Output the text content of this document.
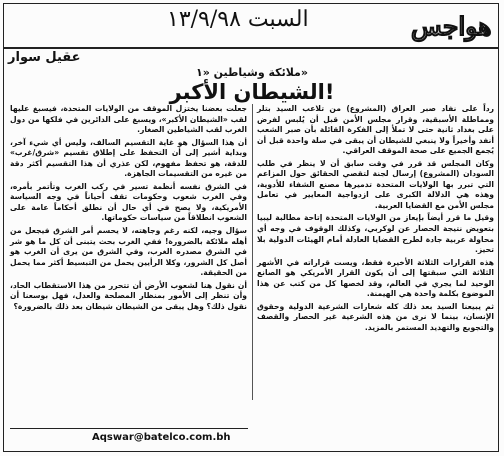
السبت ١٣/٩/٩٨	هواجس
عقيل سوار
ملائكة وشياطين «١»
الشيطان الأكبر!

رداً على نفاد صبر العراق (المشروع) من تلاعب السيد بتلر ومماطلة الأسبقية، وقرار مجلس الأمن قبل أن يُلبس لفرض على بغداد ثانية حتى لا تملأ إلى الفكرة القائلة بأن صبر الشعب أنفد وأخيراً ولا ينبغي للشيطان أن يبقى في سلة واحدة قبل أن يُجمع الجميع على صحة الموقف العراقي.

وكان المجلس قد قرر في وقت سابق أن لا ينظر في طلب السودان (المشروع) إرسال لجنة لتقصي الحقائق حول المزاعم التي تبرر بها الولايات المتحدة تدميرها مصنع الشفاء للأدوية، وهذه هي الدلالة الكبرى على ازدواجية المعايير في تعامل مجلس الأمن مع القضايا العربية.

وقيل ما قرر أيضاً بإيعاز من الولايات المتحدة إتاحة مطالبة ليبيا بتعويض نتيجة الحصار عن لوكربي، وكذلك الوقوف في وجه أي محاولة عربية جادة لطرح القضايا العادلة أمام الهيئات الدولية بلا تحيز.

هذه القرارات الثلاثة الأخيرة فقط، ويست قراراته في الأشهر الثلاثة التي سبقتها إلى أن يكون القرار الأمريكي هو الصانع الوحيد لما يجري في العالم، وقد لخصها كل من كتب عن هذا الموضوع بكلمة واحدة هي الهيمنة.

ثم يبيعنا السيد بعد ذلك كله شعارات الشرعية الدولية وحقوق الإنسان، بينما لا نرى من هذه الشرعية غير الحصار والقصف والتجويع والتهديد المستمر بالمزيد.

جعلت بعضنا يختزل الموقف من الولايات المتحدة، فيسبغ عليها لقب «الشيطان الأكبر»، ويسبغ على الدائرين في فلكها من دول الغرب لقب الشياطين الصغار.

أن هذا السؤال هو غاية التقسيم السالف، وليس أي شيء آخر، وبداية أشير إلى أن التحفظ على إطلاق تقسيم «شرق/غرب» للدقة، هو تحفظ مفهوم، لكن عذري أن هذا التقسيم أكثر دقة من غيره من التقسيمات الجاهزة.

في الشرق نفسه أنظمة تسير في ركب الغرب وتأتمر بأمره، وفي الغرب شعوب وحكومات تقف أحياناً في وجه السياسة الأمريكية، ولا يصح في أي حال أن نطلق أحكاماً عامة على الشعوب انطلاقاً من سياسات حكوماتها.

سؤال وجيه، لكنه رغم وجاهته، لا يحسم أمر الشرق فيجعل من أهله ملائكة بالضرورة! ففي الغرب بحث يتبنى أن كل ما هو شر في الشرق مصدره الغرب، وفي الشرق من يرى أن الغرب هو أصل كل الشرور، وكلا الرأيين يحمل من التبسيط أكثر مما يحمل من الحقيقة.

أن نقول هنا لشعوب الأرض أن تتحرر من هذا الاستقطاب الحاد، وأن تنظر إلى الأمور بمنظار المصلحة والعدل، فهل بوسعنا أن نقول ذلك؟ وهل يبقى من الشيطان شيطان بعد ذلك بالضرورة؟

Aqswar@batelco.com.bh
